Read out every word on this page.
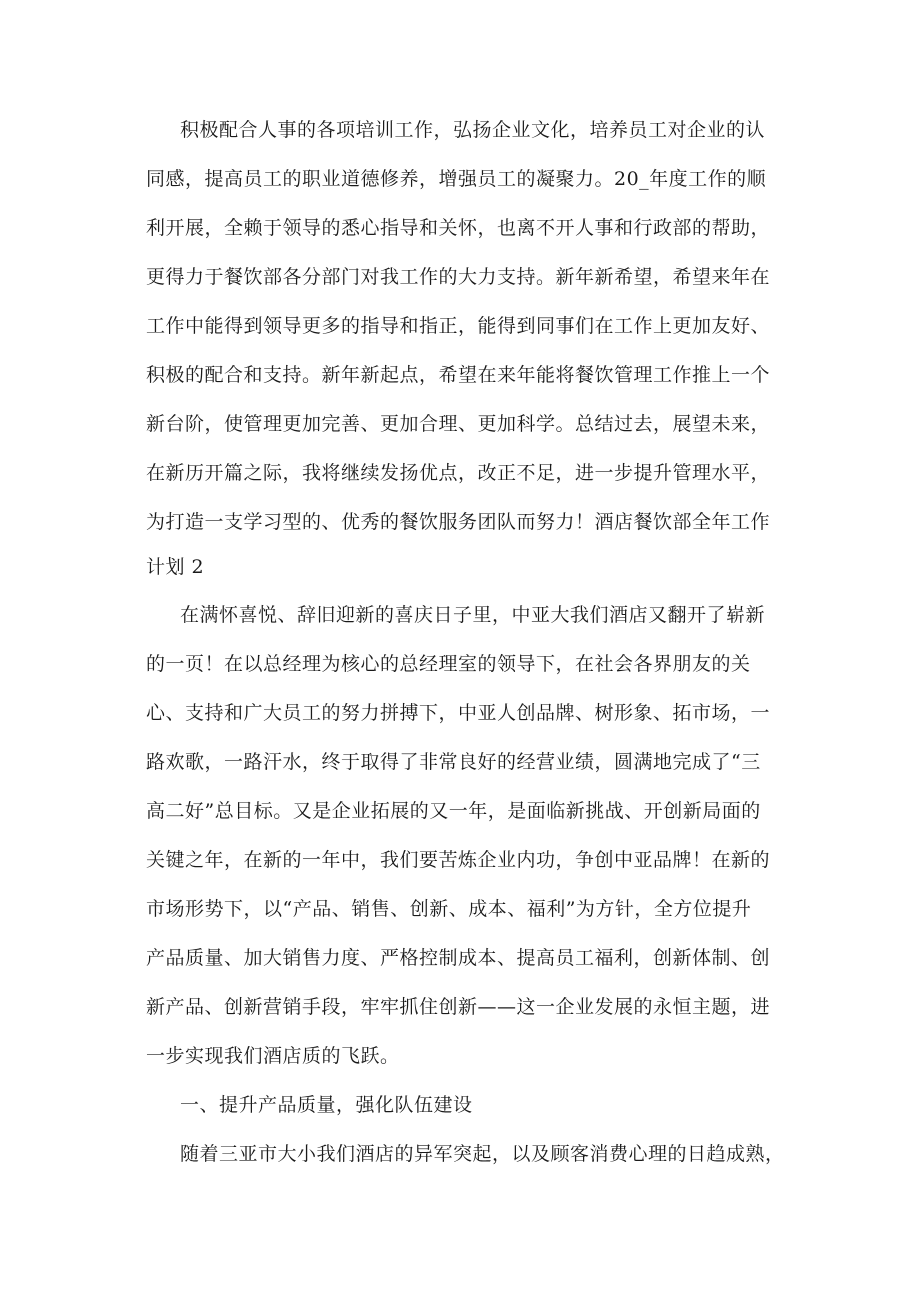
积极配合人事的各项培训工作，弘扬企业文化，培养员工对企业的认
同感，提高员工的职业道德修养，增强员工的凝聚力。20_年度工作的顺
利开展，全赖于领导的悉心指导和关怀，也离不开人事和行政部的帮助，
更得力于餐饮部各分部门对我工作的大力支持。新年新希望，希望来年在
工作中能得到领导更多的指导和指正，能得到同事们在工作上更加友好、
积极的配合和支持。新年新起点，希望在来年能将餐饮管理工作推上一个
新台阶，使管理更加完善、更加合理、更加科学。总结过去，展望未来，
在新历开篇之际，我将继续发扬优点，改正不足，进一步提升管理水平，
为打造一支学习型的、优秀的餐饮服务团队而努力！酒店餐饮部全年工作
计划 2
在满怀喜悦、辞旧迎新的喜庆日子里，中亚大我们酒店又翻开了崭新
的一页！在以总经理为核心的总经理室的领导下，在社会各界朋友的关
心、支持和广大员工的努力拼搏下，中亚人创品牌、树形象、拓市场，一
路欢歌，一路汗水，终于取得了非常良好的经营业绩，圆满地完成了“三
高二好”总目标。又是企业拓展的又一年，是面临新挑战、开创新局面的
关键之年，在新的一年中，我们要苦炼企业内功，争创中亚品牌！在新的
市场形势下，以“产品、销售、创新、成本、福利”为方针，全方位提升
产品质量、加大销售力度、严格控制成本、提高员工福利，创新体制、创
新产品、创新营销手段，牢牢抓住创新——这一企业发展的永恒主题，进
一步实现我们酒店质的飞跃。
一、提升产品质量，强化队伍建设
随着三亚市大小我们酒店的异军突起，以及顾客消费心理的日趋成熟，
